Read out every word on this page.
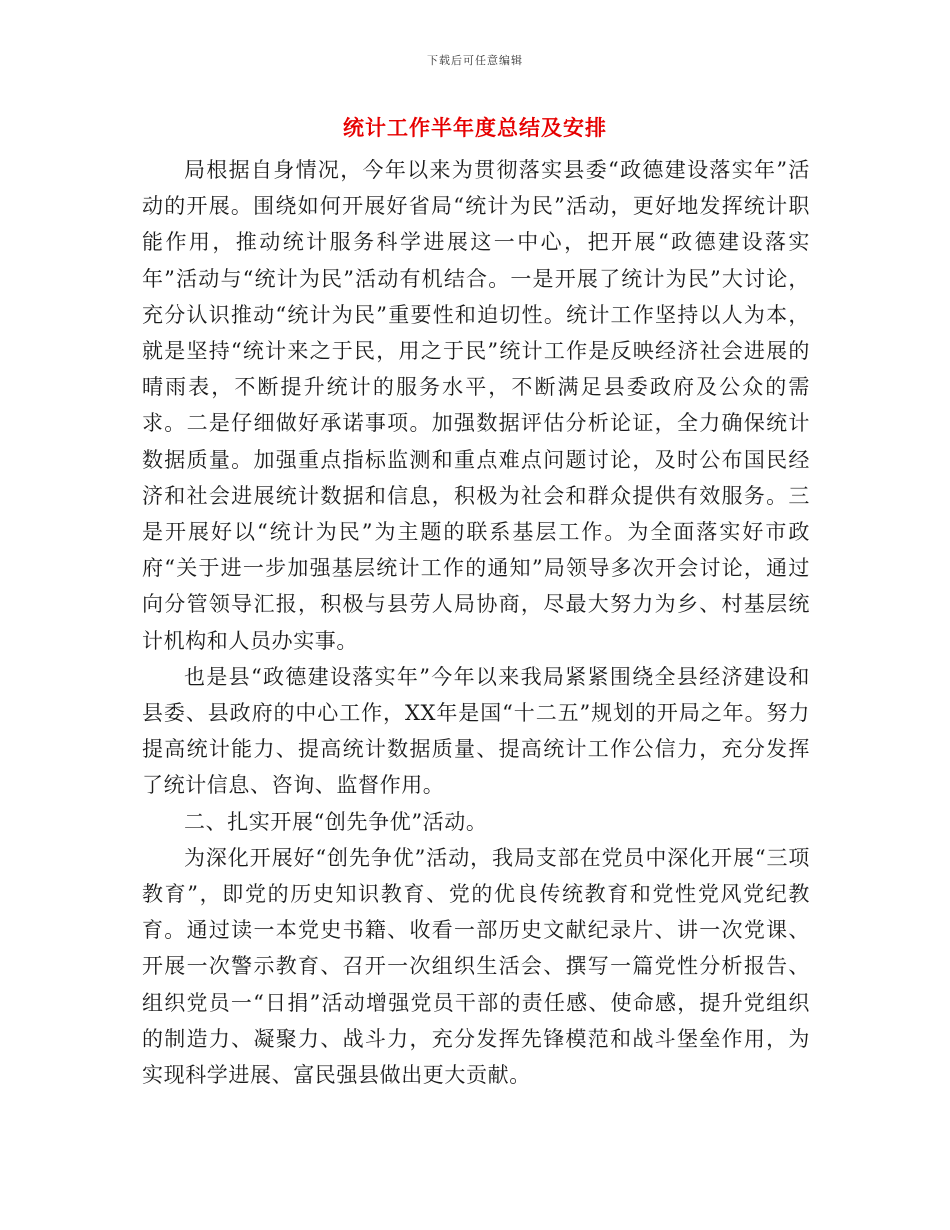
下载后可任意编辑
统计工作半年度总结及安排

局根据自身情况，今年以来为贯彻落实县委“政德建设落实年”活动的开展。围绕如何开展好省局“统计为民”活动，更好地发挥统计职能作用，推动统计服务科学进展这一中心，把开展“政德建设落实年”活动与“统计为民”活动有机结合。一是开展了统计为民”大讨论，充分认识推动“统计为民”重要性和迫切性。统计工作坚持以人为本，就是坚持“统计来之于民，用之于民”统计工作是反映经济社会进展的晴雨表，不断提升统计的服务水平，不断满足县委政府及公众的需求。二是仔细做好承诺事项。加强数据评估分析论证，全力确保统计数据质量。加强重点指标监测和重点难点问题讨论，及时公布国民经济和社会进展统计数据和信息，积极为社会和群众提供有效服务。三是开展好以“统计为民”为主题的联系基层工作。为全面落实好市政府“关于进一步加强基层统计工作的通知”局领导多次开会讨论，通过向分管领导汇报，积极与县劳人局协商，尽最大努力为乡、村基层统计机构和人员办实事。

也是县“政德建设落实年”今年以来我局紧紧围绕全县经济建设和县委、县政府的中心工作，XX年是国“十二五”规划的开局之年。努力提高统计能力、提高统计数据质量、提高统计工作公信力，充分发挥了统计信息、咨询、监督作用。

二、扎实开展“创先争优”活动。

为深化开展好“创先争优”活动，我局支部在党员中深化开展“三项教育”，即党的历史知识教育、党的优良传统教育和党性党风党纪教育。通过读一本党史书籍、收看一部历史文献纪录片、讲一次党课、开展一次警示教育、召开一次组织生活会、撰写一篇党性分析报告、组织党员一“日捐”活动增强党员干部的责任感、使命感，提升党组织的制造力、凝聚力、战斗力，充分发挥先锋模范和战斗堡垒作用，为实现科学进展、富民强县做出更大贡献。
